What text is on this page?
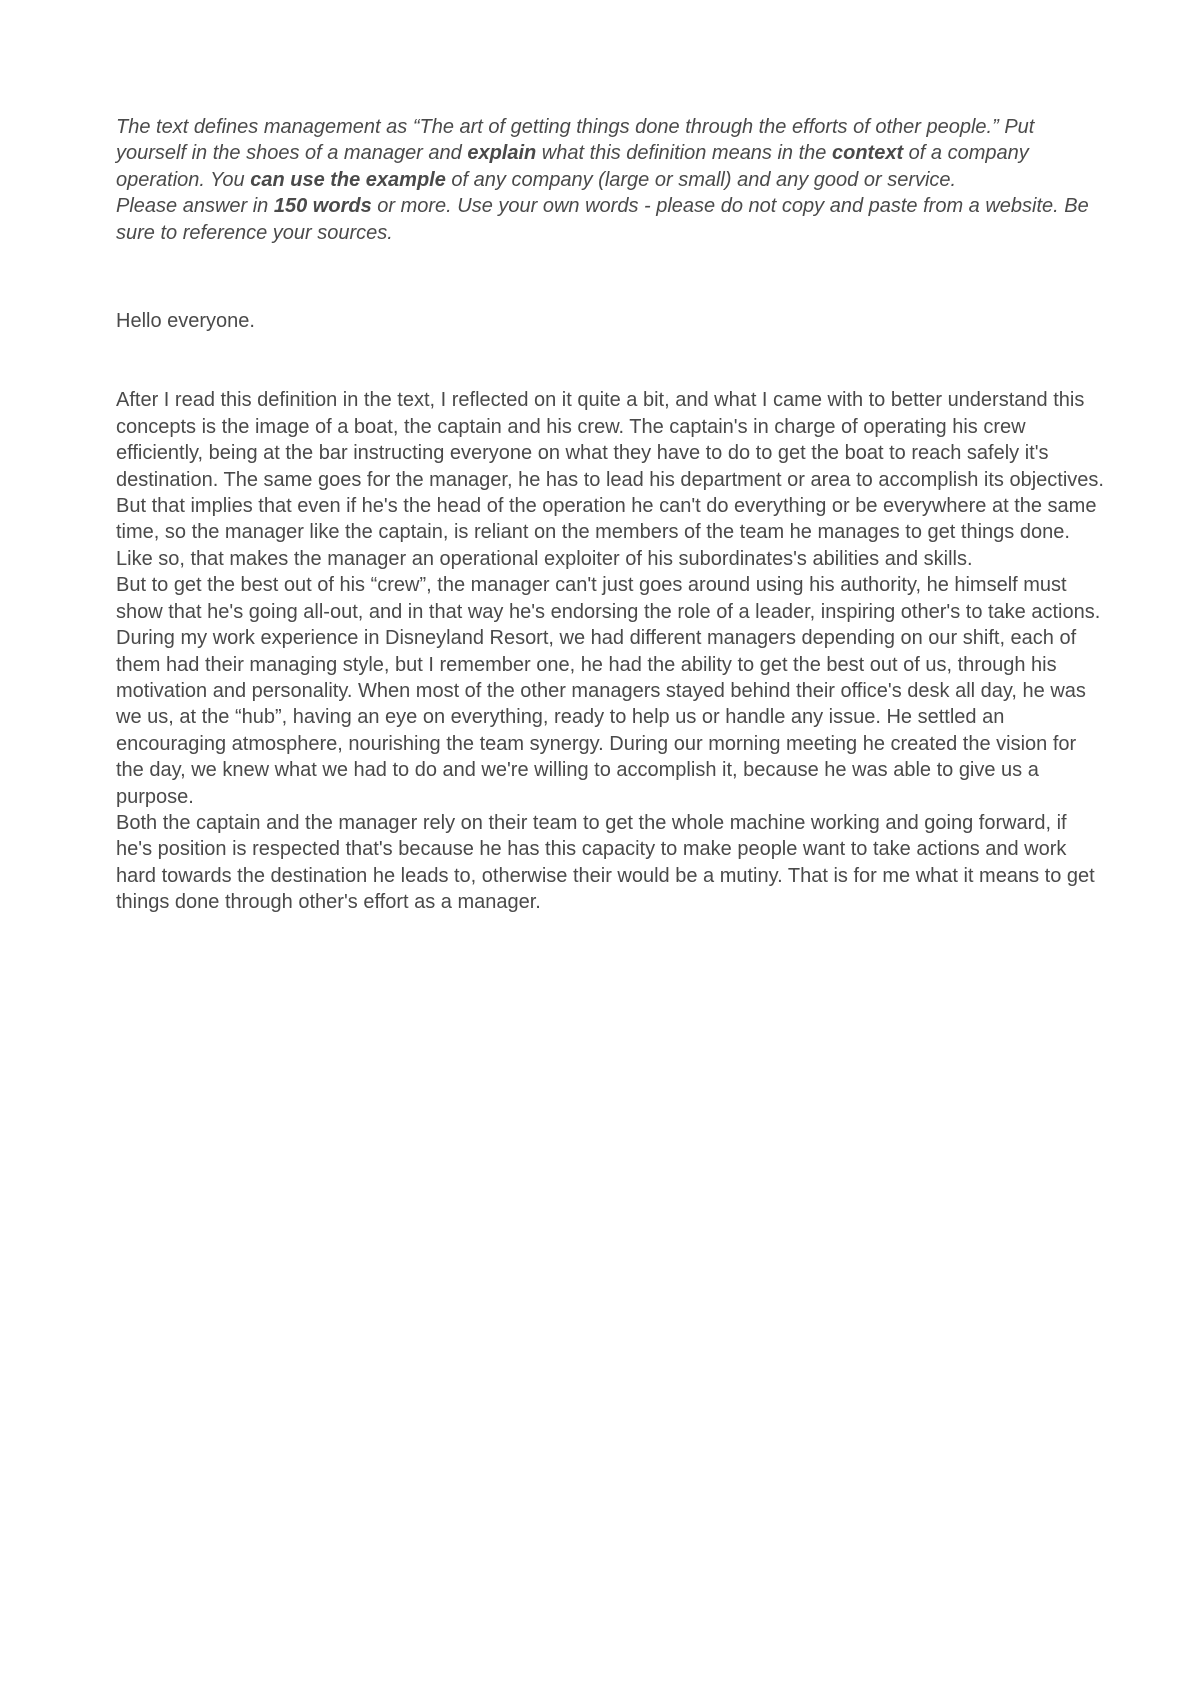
The text defines management as “The art of getting things done through the efforts of other people.” Put yourself in the shoes of a manager and explain what this definition means in the context of a company operation. You can use the example of any company (large or small) and any good or service.

Please answer in 150 words or more. Use your own words - please do not copy and paste from a website. Be sure to reference your sources.

Hello everyone.

After I read this definition in the text, I reflected on it quite a bit, and what I came with to better understand this concepts is the image of a boat, the captain and his crew. The captain's in charge of operating his crew efficiently, being at the bar instructing everyone on what they have to do to get the boat to reach safely it's destination. The same goes for the manager, he has to lead his department or area to accomplish its objectives. But that implies that even if he's the head of the operation he can't do everything or be everywhere at the same time, so the manager like the captain, is reliant on the members of the team he manages to get things done. Like so, that makes the manager an operational exploiter of his subordinates's abilities and skills.

But to get the best out of his “crew”, the manager can't just goes around using his authority, he himself must show that he's going all-out, and in that way he's endorsing the role of a leader, inspiring other's to take actions.

During my work experience in Disneyland Resort, we had different managers depending on our shift, each of them had their managing style, but I remember one, he had the ability to get the best out of us, through his motivation and personality. When most of the other managers stayed behind their office's desk all day, he was we us, at the “hub”, having an eye on everything, ready to help us or handle any issue. He settled an encouraging atmosphere, nourishing the team synergy. During our morning meeting he created the vision for the day, we knew what we had to do and we're willing to accomplish it, because he was able to give us a purpose.

Both the captain and the manager rely on their team to get the whole machine working and going forward, if he's position is respected that's because he has this capacity to make people want to take actions and work hard towards the destination he leads to, otherwise their would be a mutiny. That is for me what it means to get things done through other's effort as a manager.
